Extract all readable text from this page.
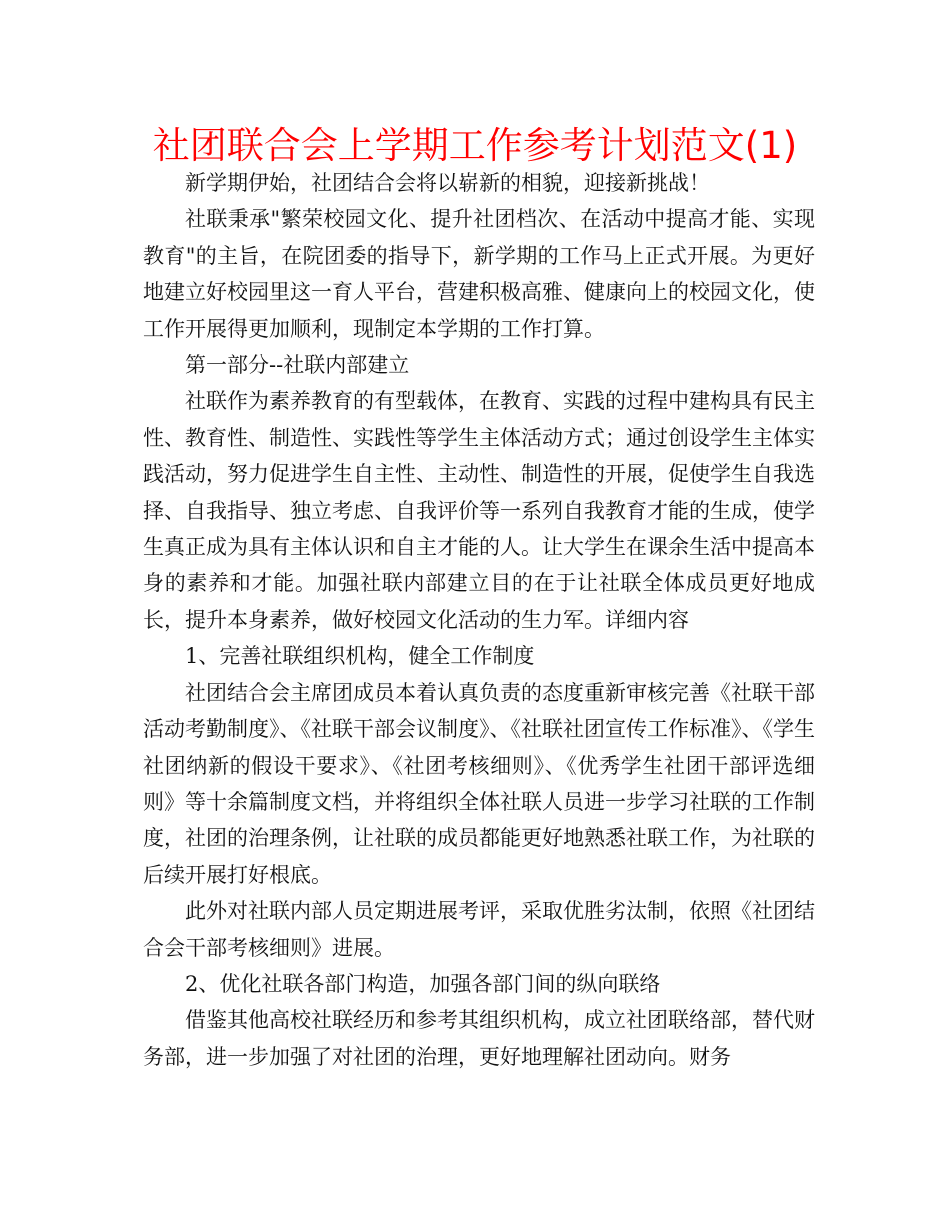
社团联合会上学期工作参考计划范文(1)

新学期伊始，社团结合会将以崭新的相貌，迎接新挑战！

社联秉承"繁荣校园文化、提升社团档次、在活动中提高才能、实现教育"的主旨，在院团委的指导下，新学期的工作马上正式开展。为更好地建立好校园里这一育人平台，营建积极高雅、健康向上的校园文化，使工作开展得更加顺利，现制定本学期的工作打算。

第一部分--社联内部建立

社联作为素养教育的有型载体，在教育、实践的过程中建构具有民主性、教育性、制造性、实践性等学生主体活动方式；通过创设学生主体实践活动，努力促进学生自主性、主动性、制造性的开展，促使学生自我选择、自我指导、独立考虑、自我评价等一系列自我教育才能的生成，使学生真正成为具有主体认识和自主才能的人。让大学生在课余生活中提高本身的素养和才能。加强社联内部建立目的在于让社联全体成员更好地成长，提升本身素养，做好校园文化活动的生力军。详细内容

1、完善社联组织机构，健全工作制度

社团结合会主席团成员本着认真负责的态度重新审核完善《社联干部活动考勤制度》、《社联干部会议制度》、《社联社团宣传工作标准》、《学生社团纳新的假设干要求》、《社团考核细则》、《优秀学生社团干部评选细则》等十余篇制度文档，并将组织全体社联人员进一步学习社联的工作制度，社团的治理条例，让社联的成员都能更好地熟悉社联工作，为社联的后续开展打好根底。

此外对社联内部人员定期进展考评，采取优胜劣汰制，依照《社团结合会干部考核细则》进展。

2、优化社联各部门构造，加强各部门间的纵向联络

借鉴其他高校社联经历和参考其组织机构，成立社团联络部，替代财务部，进一步加强了对社团的治理，更好地理解社团动向。财务
